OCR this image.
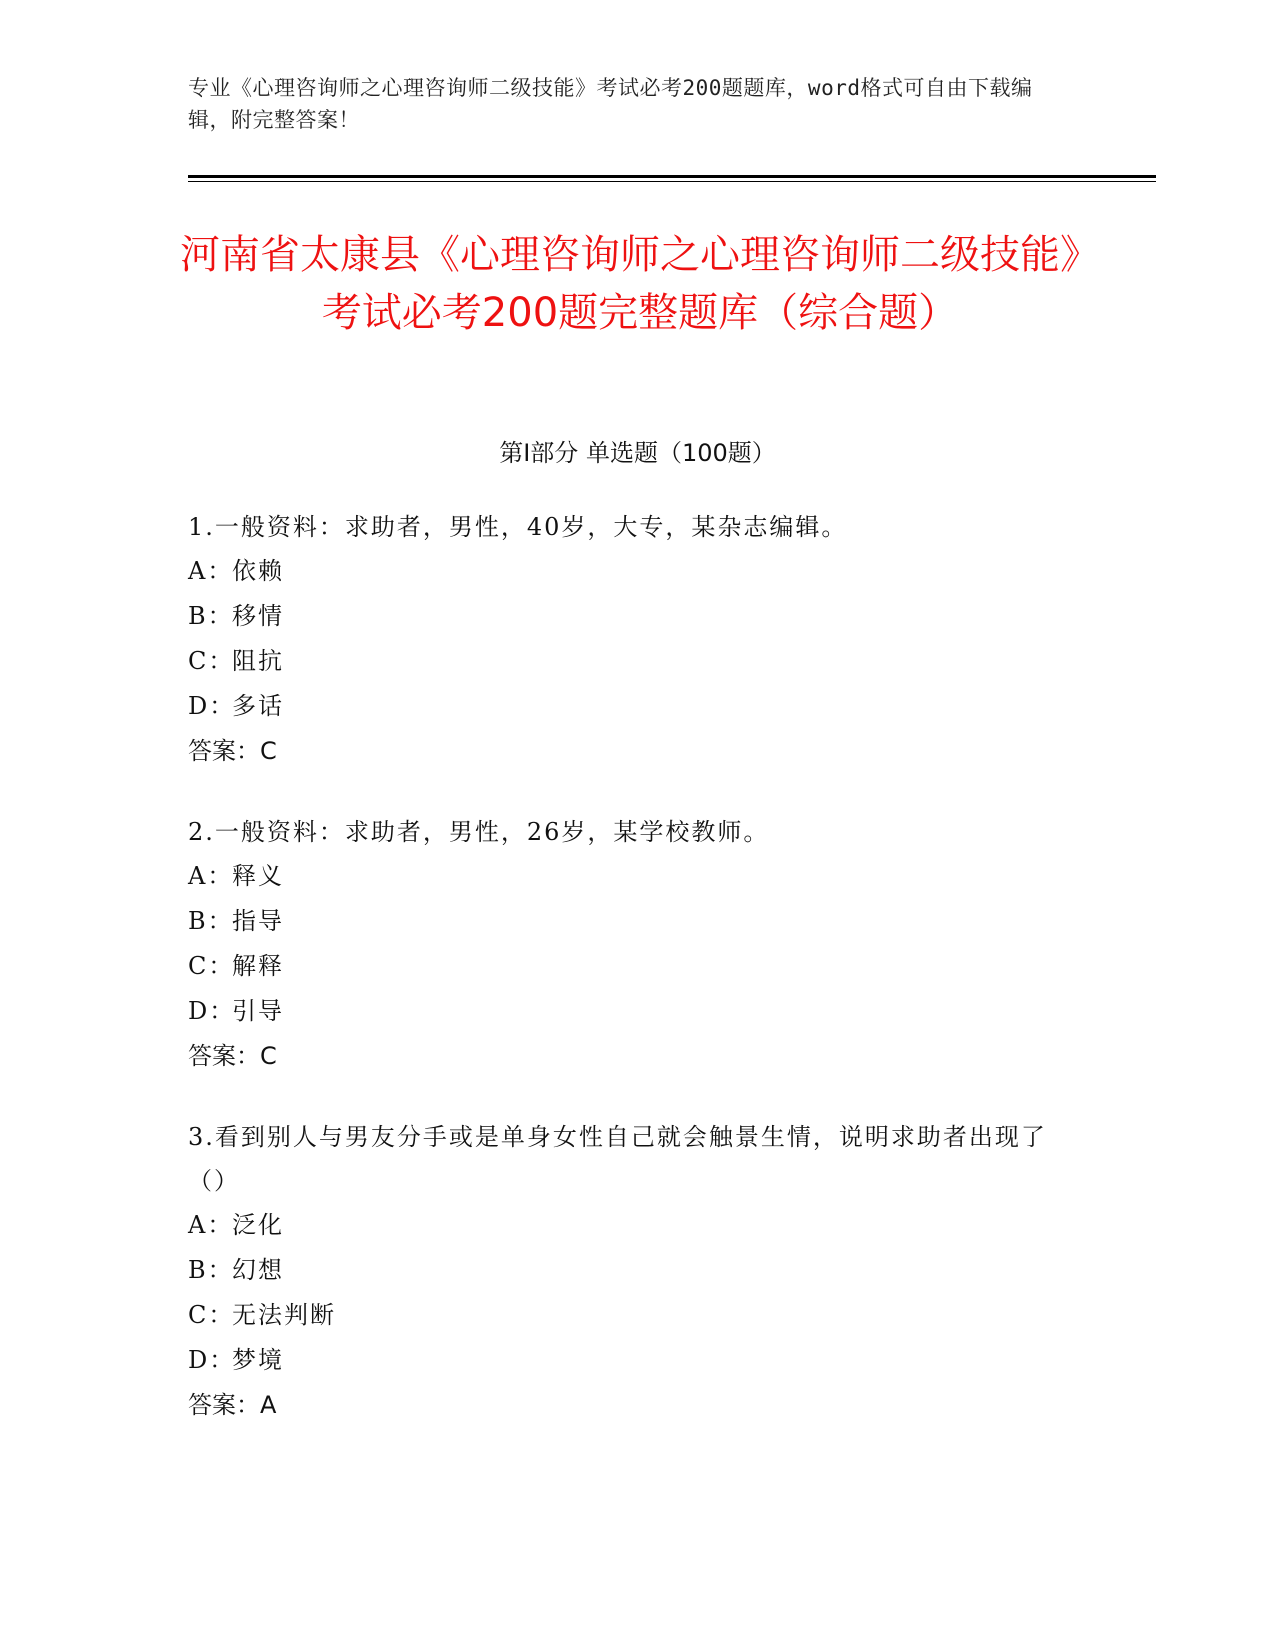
专业《心理咨询师之心理咨询师二级技能》考试必考200题题库，word格式可自由下载编辑，附完整答案！
河南省太康县《心理咨询师之心理咨询师二级技能》考试必考200题完整题库（综合题）
第Ⅰ部分 单选题（100题）
1.一般资料：求助者，男性，40岁，大专，某杂志编辑。
A：依赖
B：移情
C：阻抗
D：多话
答案：C
2.一般资料：求助者，男性，26岁，某学校教师。
A：释义
B：指导
C：解释
D：引导
答案：C
3.看到别人与男友分手或是单身女性自己就会触景生情，说明求助者出现了（）
A：泛化
B：幻想
C：无法判断
D：梦境
答案：A
